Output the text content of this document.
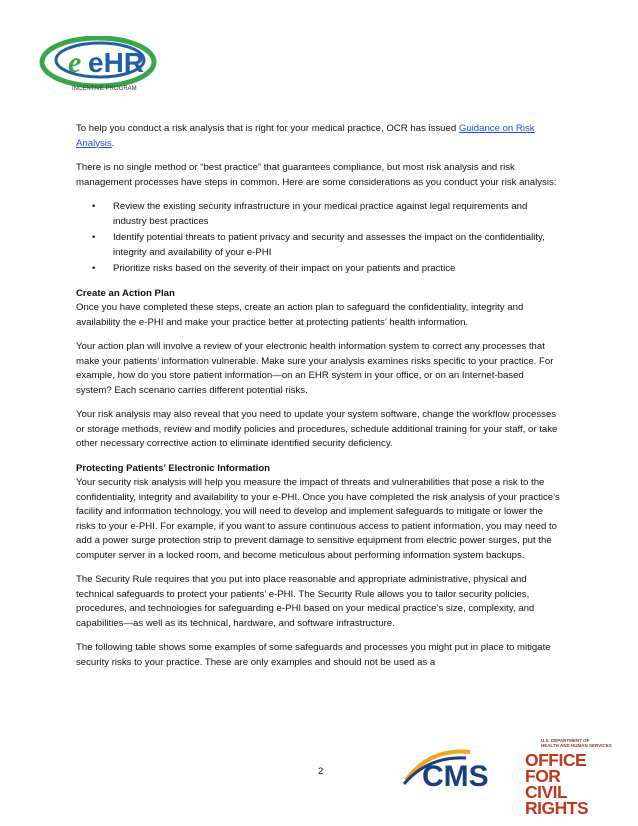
e eHR
INCENTIVE PROGRAM

To help you conduct a risk analysis that is right for your medical practice, OCR has issued Guidance on Risk Analysis.

There is no single method or “best practice” that guarantees compliance, but most risk analysis and risk management processes have steps in common. Here are some considerations as you conduct your risk analysis:

• Review the existing security infrastructure in your medical practice against legal requirements and industry best practices
• Identify potential threats to patient privacy and security and assesses the impact on the confidentiality, integrity and availability of your e-PHI
• Prioritize risks based on the severity of their impact on your patients and practice

Create an Action Plan
Once you have completed these steps, create an action plan to safeguard the confidentiality, integrity and availability the e-PHI and make your practice better at protecting patients’ health information.

Your action plan will involve a review of your electronic health information system to correct any processes that make your patients’ information vulnerable. Make sure your analysis examines risks specific to your practice. For example, how do you store patient information—on an EHR system in your office, or on an Internet-based system? Each scenario carries different potential risks.

Your risk analysis may also reveal that you need to update your system software, change the workflow processes or storage methods, review and modify policies and procedures, schedule additional training for your staff, or take other necessary corrective action to eliminate identified security deficiency.

Protecting Patients’ Electronic Information
Your security risk analysis will help you measure the impact of threats and vulnerabilities that pose a risk to the confidentiality, integrity and availability to your e-PHI. Once you have completed the risk analysis of your practice’s facility and information technology, you will need to develop and implement safeguards to mitigate or lower the risks to your e-PHI. For example, if you want to assure continuous access to patient information, you may need to add a power surge protection strip to prevent damage to sensitive equipment from electric power surges, put the computer server in a locked room, and become meticulous about performing information system backups.

The Security Rule requires that you put into place reasonable and appropriate administrative, physical and technical safeguards to protect your patients’ e-PHI. The Security Rule allows you to tailor security policies, procedures, and technologies for safeguarding e-PHI based on your medical practice’s size, complexity, and capabilities—as well as its technical, hardware, and software infrastructure.

The following table shows some examples of some safeguards and processes you might put in place to mitigate security risks to your practice. These are only examples and should not be used as a

2	CMS
U.S. DEPARTMENT OF
HEALTH AND HUMAN SERVICES
OFFICE FOR
CIVIL RIGHTS
